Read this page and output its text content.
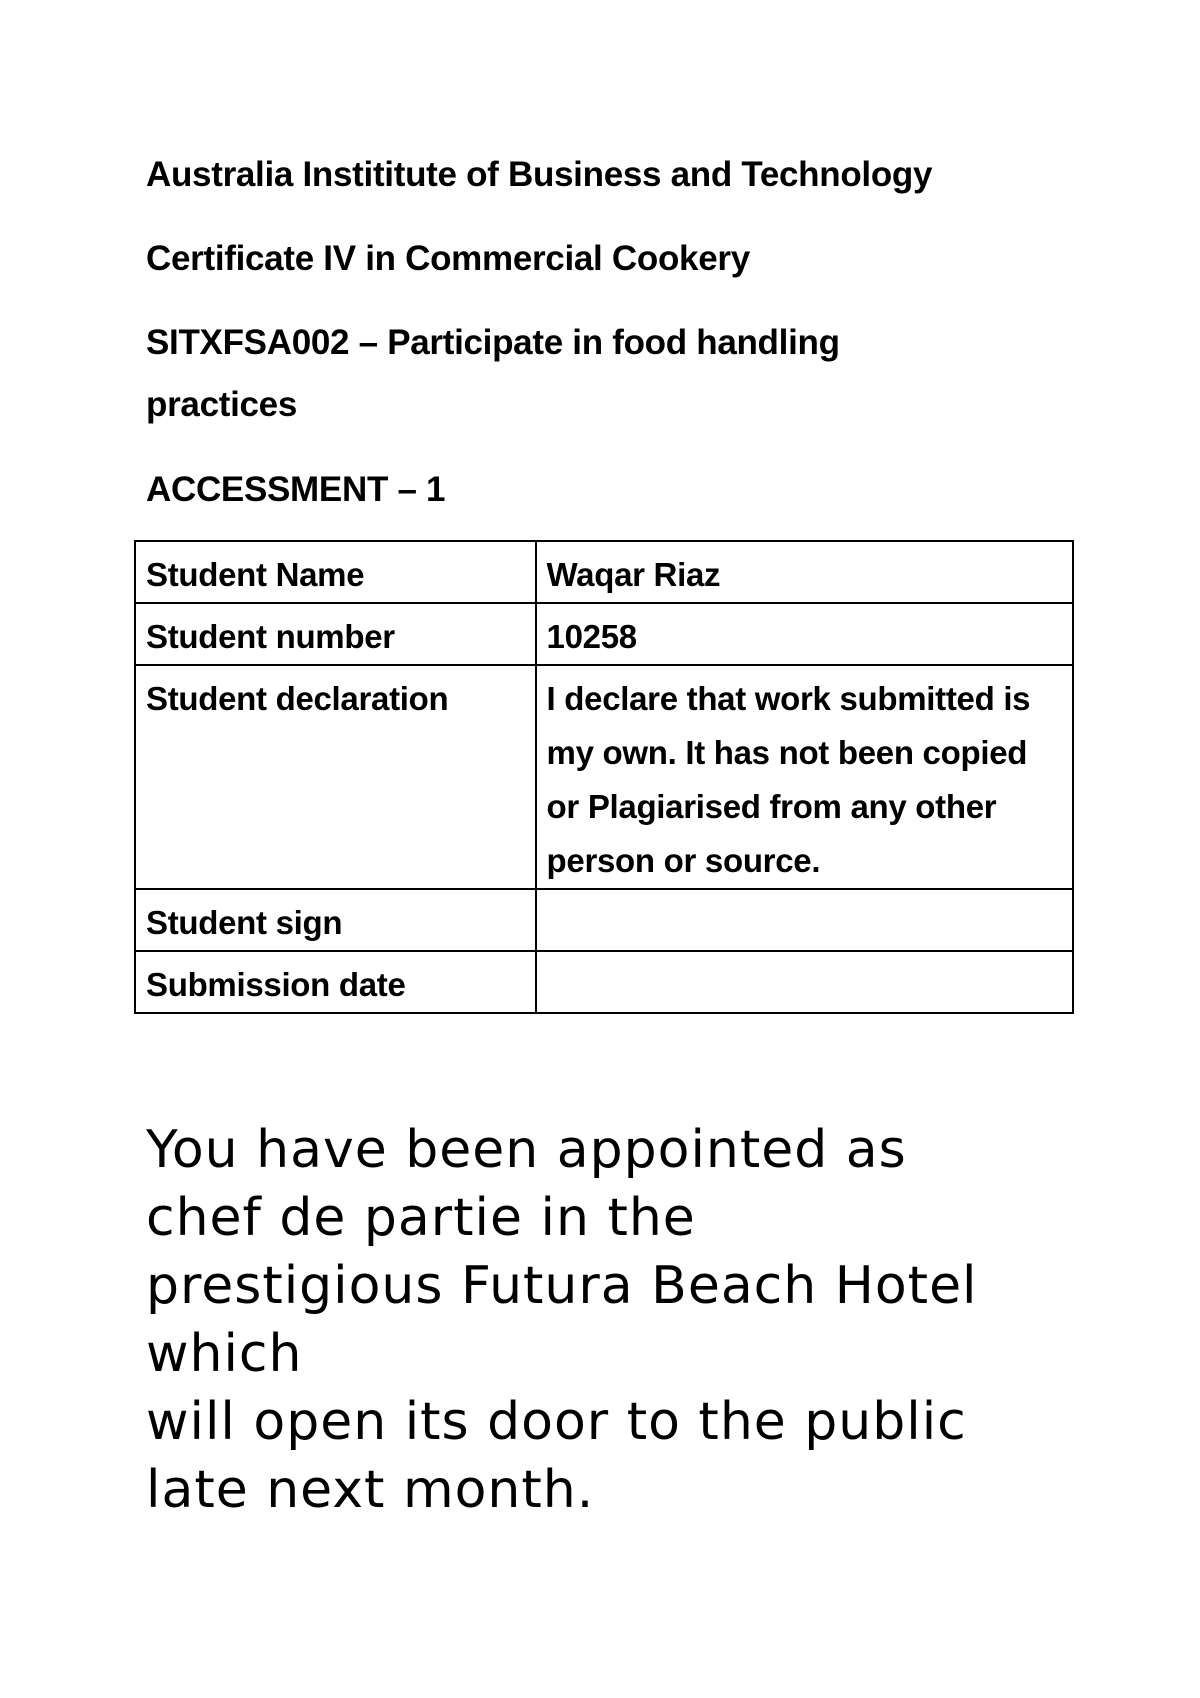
Australia Instititute of Business and Technology
Certificate IV in Commercial Cookery
SITXFSA002 – Participate in food handling practices
ACCESSMENT – 1
Student Name	Waqar Riaz
Student number	10258
Student declaration	I declare that work submitted is my own. It has not been copied or Plagiarised from any other person or source.
Student sign	
Submission date	
You have been appointed as
chef de partie in the
prestigious Futura Beach Hotel
which
will open its door to the public
late next month.
